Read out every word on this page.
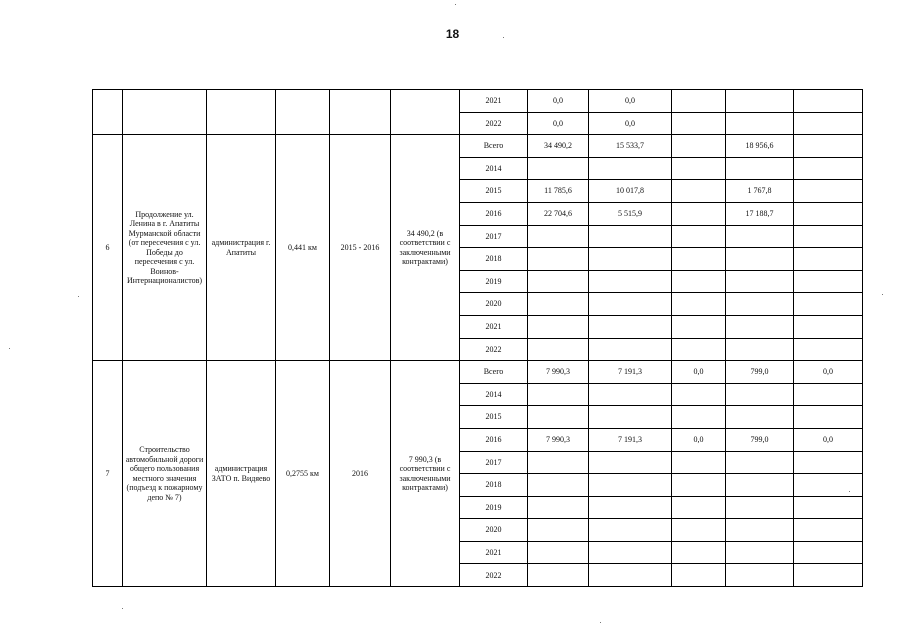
18
						2021	0,0	0,0			
						2022	0,0	0,0			
6	Продолжение ул. Ленина в г. Апатиты Мурманской области (от пересечения с ул. Победы до пересечения с ул. Воинов-Интернационалистов)	администрация г. Апатиты	0,441 км	2015 - 2016	34 490,2 (в соответствии с заключенными контрактами)	Всего	34 490,2	15 533,7		18 956,6	
						2014					
						2015	11 785,6	10 017,8		1 767,8	
						2016	22 704,6	5 515,9		17 188,7	
						2017					
						2018					
						2019					
						2020					
						2021					
						2022					
7	Строительство автомобильной дороги общего пользования местного значения (подъезд к пожарному депо № 7)	администрация ЗАТО п. Видяево	0,2755 км	2016	7 990,3 (в соответствии с заключенными контрактами)	Всего	7 990,3	7 191,3	0,0	799,0	0,0
						2014					
						2015					
						2016	7 990,3	7 191,3	0,0	799,0	0,0
						2017					
						2018					
						2019					
						2020					
						2021					
						2022					
